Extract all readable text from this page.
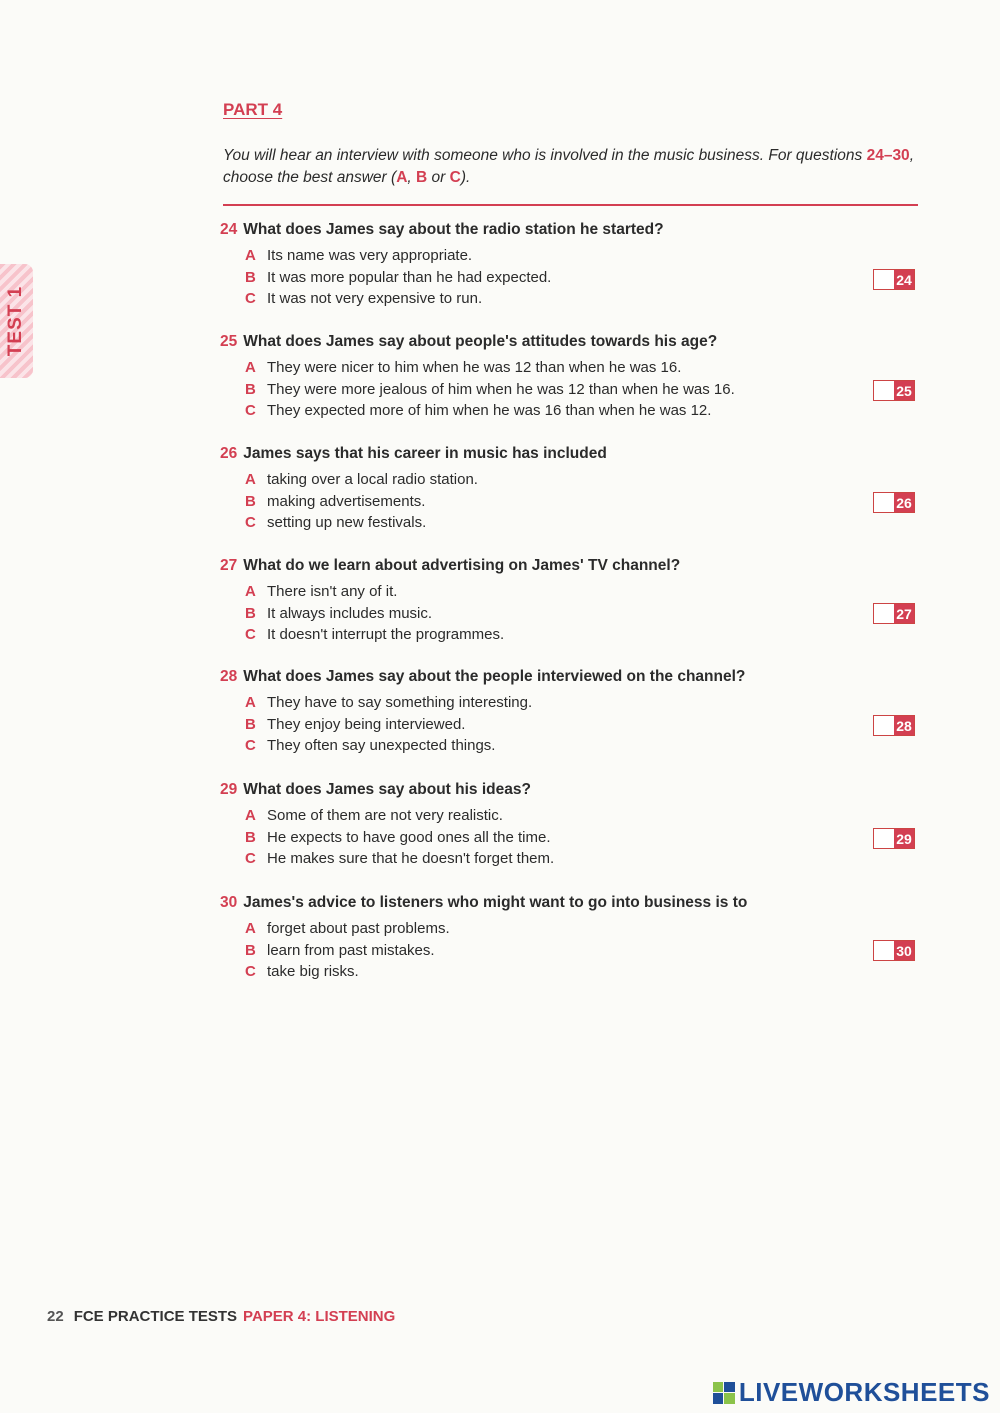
TEST 1
PART 4

You will hear an interview with someone who is involved in the music business. For questions 24–30, choose the best answer (A, B or C).

24 What does James say about the radio station he started?
A Its name was very appropriate.
B It was more popular than he had expected.
C It was not very expensive to run.
24
25 What does James say about people's attitudes towards his age?
A They were nicer to him when he was 12 than when he was 16.
B They were more jealous of him when he was 12 than when he was 16.
C They expected more of him when he was 16 than when he was 12.
25
26 James says that his career in music has included
A taking over a local radio station.
B making advertisements.
C setting up new festivals.
26
27 What do we learn about advertising on James' TV channel?
A There isn't any of it.
B It always includes music.
C It doesn't interrupt the programmes.
27
28 What does James say about the people interviewed on the channel?
A They have to say something interesting.
B They enjoy being interviewed.
C They often say unexpected things.
28
29 What does James say about his ideas?
A Some of them are not very realistic.
B He expects to have good ones all the time.
C He makes sure that he doesn't forget them.
29
30 James's advice to listeners who might want to go into business is to
A forget about past problems.
B learn from past mistakes.
C take big risks.
30
22 FCE PRACTICE TESTS PAPER 4: LISTENING
LIVEWORKSHEETS
